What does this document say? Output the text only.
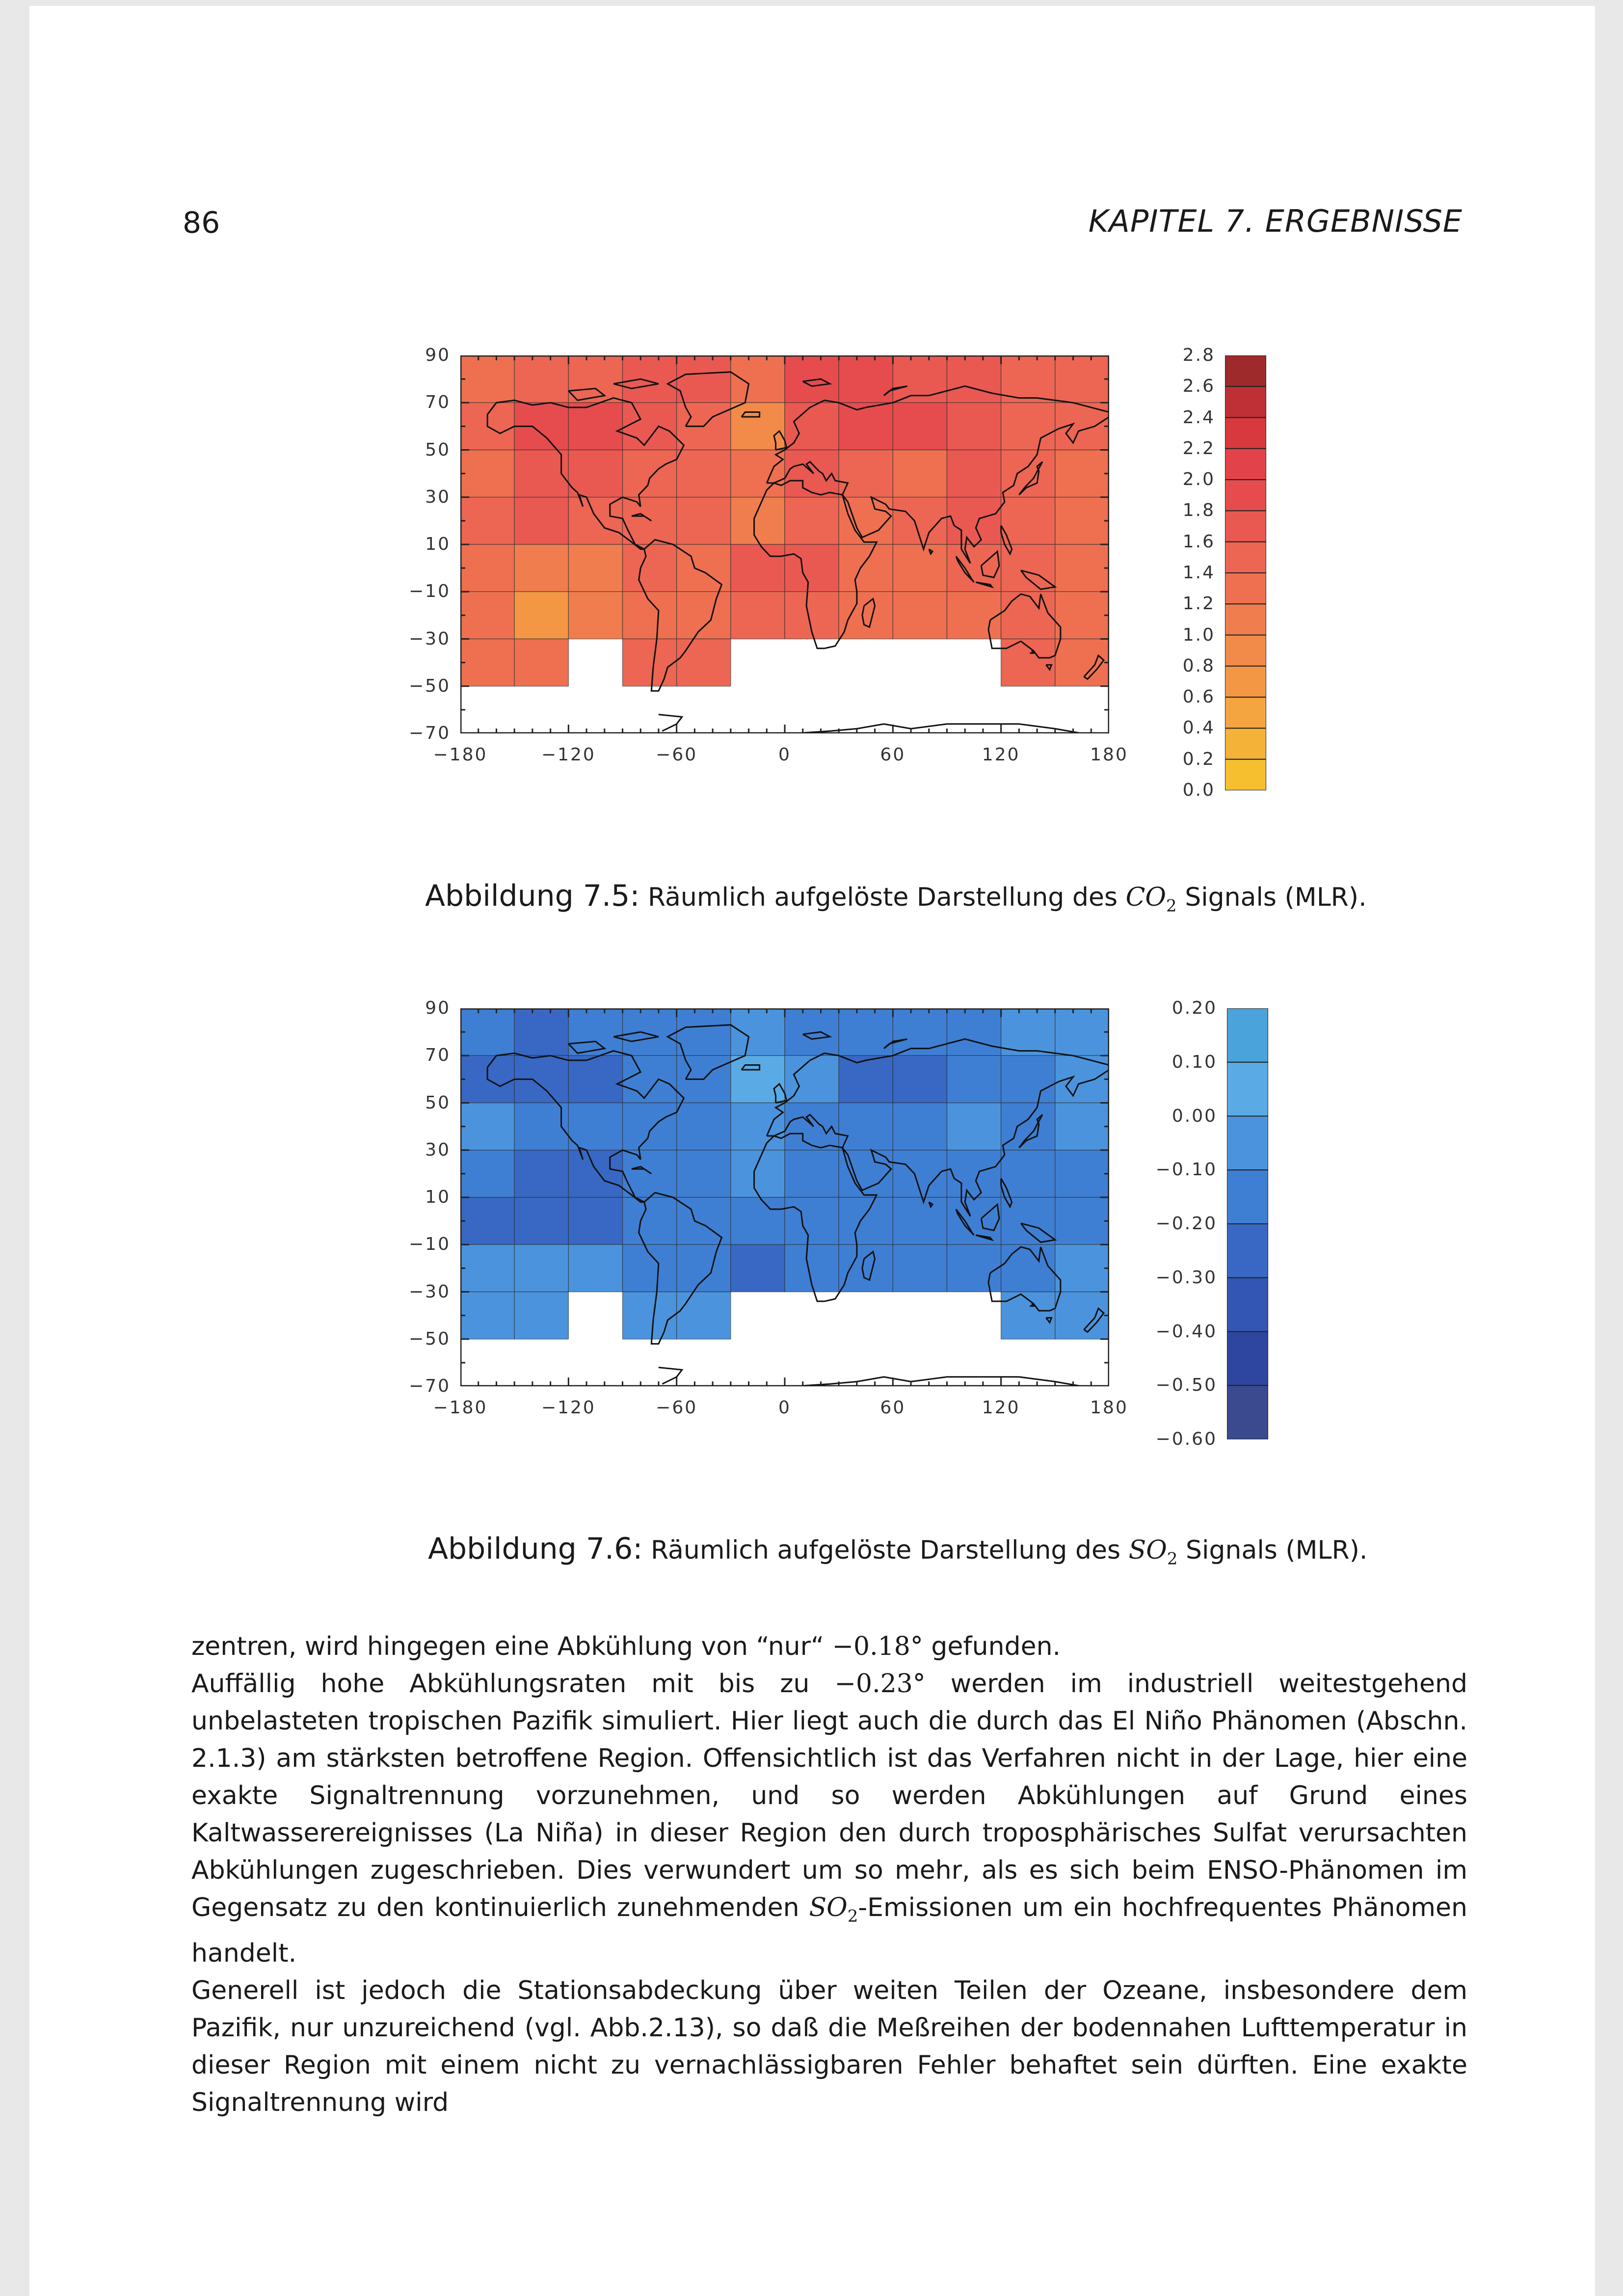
86	KAPITEL 7. ERGEBNISSE
90
70
50
30
10
−10
−30
−50
−70
−180	−120	−60	0	60	120	180
2.8
2.6
2.4
2.2
2.0
1.8
1.6
1.4
1.2
1.0
0.8
0.6
0.4
0.2
0.0
Abbildung 7.5: Räumlich aufgelöste Darstellung des $CO_2$ Signals (MLR).
90
70
50
30
10
−10
−30
−50
−70
−180	−120	−60	0	60	120	180
0.20
0.10
0.00
−0.10
−0.20
−0.30
−0.40
−0.50
−0.60
Abbildung 7.6: Räumlich aufgelöste Darstellung des $SO_2$ Signals (MLR).

zentren, wird hingegen eine Abkühlung von “nur“ −0.18° gefunden.

Auffällig hohe Abkühlungsraten mit bis zu −0.23° werden im industriell weitestgehend unbelasteten tropischen Pazifik simuliert. Hier liegt auch die durch das El Niño Phänomen (Abschn. 2.1.3) am stärksten betroffene Region. Offensichtlich ist das Verfahren nicht in der Lage, hier eine exakte Signaltrennung vorzunehmen, und so werden Abkühlungen auf Grund eines Kaltwasserereignisses (La Niña) in dieser Region den durch troposphärisches Sulfat verursachten Abkühlungen zugeschrieben. Dies verwundert um so mehr, als es sich beim ENSO-Phänomen im Gegensatz zu den kontinuierlich zunehmenden $SO_2$-Emissionen um ein hochfrequentes Phänomen handelt.

Generell ist jedoch die Stationsabdeckung über weiten Teilen der Ozeane, insbesondere dem Pazifik, nur unzureichend (vgl. Abb.2.13), so daß die Meßreihen der bodennahen Lufttemperatur in dieser Region mit einem nicht zu vernachlässigbaren Fehler behaftet sein dürften. Eine exakte Signaltrennung wird
